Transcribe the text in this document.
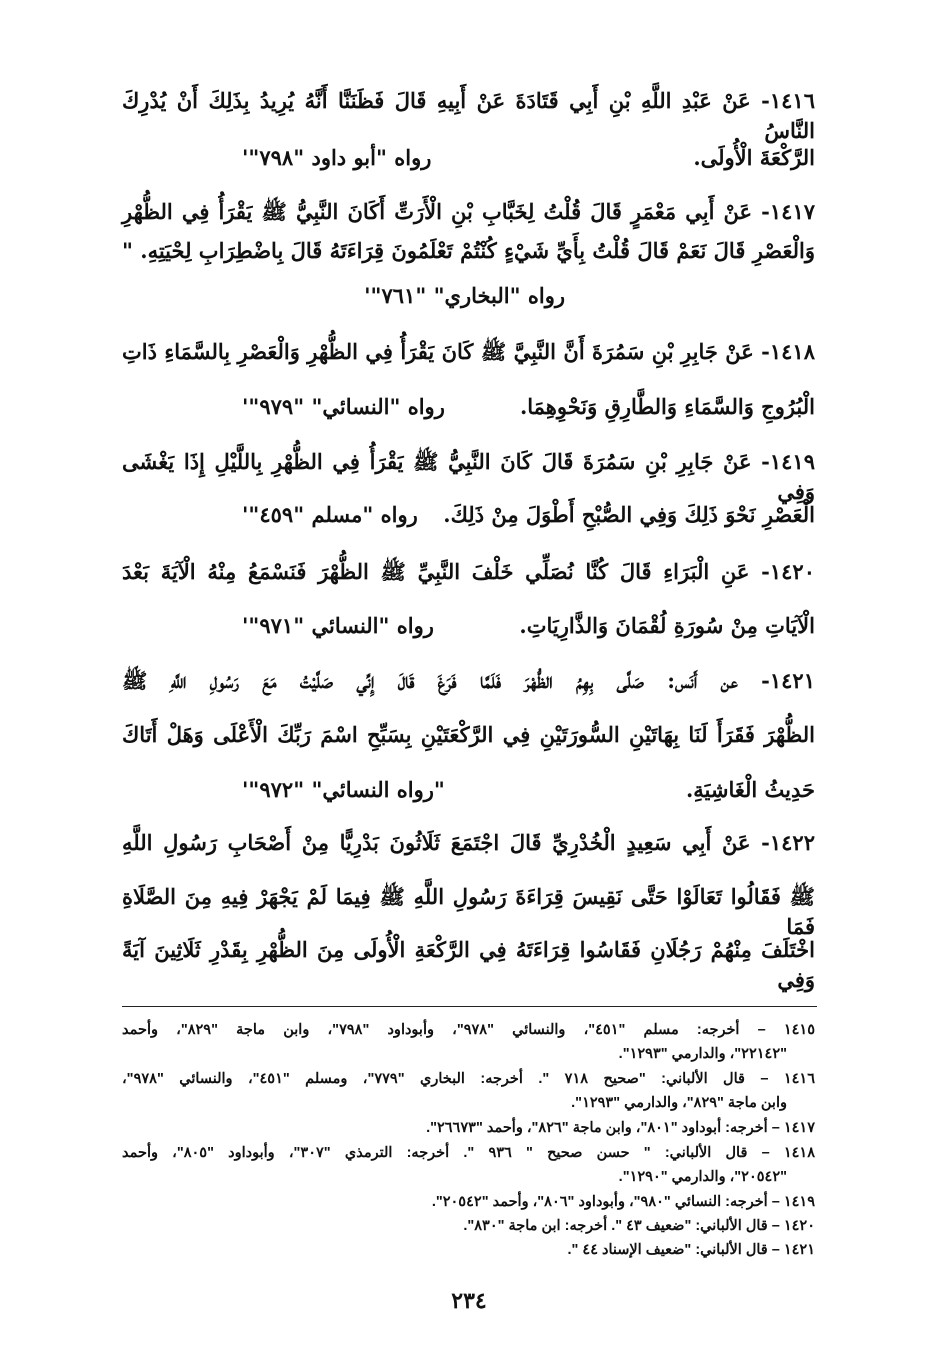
١٤١٦- عَنْ عَبْدِ اللَّهِ بْنِ أَبِي قَتَادَةَ عَنْ أَبِيهِ قَالَ فَظَنَنَّا أَنَّهُ يُرِيدُ بِذَلِكَ أَنْ يُدْرِكَ النَّاسُ
الرَّكْعَةَ الْأُولَى.
رواه "أبو داود "٧٩٨"'
١٤١٧- عَنْ أَبِي مَعْمَرٍ قَالَ قُلْتُ لِخَبَّابِ بْنِ الْأَرَتِّ أَكَانَ النَّبِيُّ ﷺ يَقْرَأُ فِي الظُّهْرِ
وَالْعَصْرِ قَالَ نَعَمْ قَالَ قُلْتُ بِأَيِّ شَيْءٍ كُنْتُمْ تَعْلَمُونَ قِرَاءَتَهُ قَالَ بِاضْطِرَابِ لِحْيَتِهِ. "
رواه "البخاري" "٧٦١"'
١٤١٨- عَنْ جَابِرِ بْنِ سَمُرَةَ أَنَّ النَّبِيَّ ﷺ كَانَ يَقْرَأُ فِي الظُّهْرِ وَالْعَصْرِ بِالسَّمَاءِ ذَاتِ
الْبُرُوجِ وَالسَّمَاءِ وَالطَّارِقِ وَنَحْوِهِمَا.
رواه "النسائي" "٩٧٩"'
١٤١٩- عَنْ جَابِرِ بْنِ سَمُرَةَ قَالَ كَانَ النَّبِيُّ ﷺ يَقْرَأُ فِي الظُّهْرِ بِاللَّيْلِ إِذَا يَغْشَى وَفِي
الْعَصْرِ نَحْوَ ذَلِكَ وَفِي الصُّبْحِ أَطْوَلَ مِنْ ذَلِكَ.
رواه "مسلم "٤٥٩"'
١٤٢٠- عَنِ الْبَرَاءِ قَالَ كُنَّا نُصَلِّي خَلْفَ النَّبِيِّ ﷺ الظُّهْرَ فَنَسْمَعُ مِنْهُ الْآيَةَ بَعْدَ
الْآيَاتِ مِنْ سُورَةِ لُقْمَانَ وَالذَّارِيَاتِ.
رواه "النسائي "٩٧١"'
١٤٢١- عن أَنَس: صَلَّى بِهِمُ الظُّهْرَ فَلَمَّا فَرَغَ قَالَ إِنِّي صَلَّيْتُ مَعَ رَسُولِ اللَّهِ ﷺ
الظُّهْرَ فَقَرَأَ لَنَا بِهَاتَيْنِ السُّورَتَيْنِ فِي الرَّكْعَتَيْنِ بِسَبِّحِ اسْمَ رَبِّكَ الْأَعْلَى وَهَلْ أَتَاكَ
حَدِيثُ الْغَاشِيَةِ.
"رواه النسائي" "٩٧٢"'
١٤٢٢- عَنْ أَبِي سَعِيدٍ الْخُدْرِيِّ قَالَ اجْتَمَعَ ثَلَاثُونَ بَدْرِيًّا مِنْ أَصْحَابِ رَسُولِ اللَّهِ
ﷺ فَقَالُوا تَعَالَوْا حَتَّى نَقِيسَ قِرَاءَةَ رَسُولِ اللَّهِ ﷺ فِيمَا لَمْ يَجْهَرْ فِيهِ مِنَ الصَّلَاةِ فَمَا
اخْتَلَفَ مِنْهُمْ رَجُلَانِ فَقَاسُوا قِرَاءَتَهُ فِي الرَّكْعَةِ الْأُولَى مِنَ الظُّهْرِ بِقَدْرِ ثَلَاثِينَ آيَةً وَفِي
١٤١٥ – أخرجه: مسلم "٤٥١"، والنسائي "٩٧٨"، وأبوداود "٧٩٨"، وابن ماجة "٨٢٩"، وأحمد
"٢٢١٤٢"، والدارمي "١٢٩٣".
١٤١٦ – قال الألباني: "صحيح ٧١٨ ". أخرجه: البخاري "٧٧٩"، ومسلم "٤٥١"، والنسائي "٩٧٨"،
وابن ماجة "٨٢٩"، والدارمي "١٢٩٣".
١٤١٧ – أخرجه: أبوداود "٨٠١"، وابن ماجة "٨٢٦"، وأحمد "٢٦٦٧٣".
١٤١٨ – قال الألباني: " حسن صحيح " ٩٣٦ ". أخرجه: الترمذي "٣٠٧"، وأبوداود "٨٠٥"، وأحمد
"٢٠٥٤٢"، والدارمي "١٢٩٠".
١٤١٩ – أخرجه: النسائي "٩٨٠"، وأبوداود "٨٠٦"، وأحمد "٢٠٥٤٢".
١٤٢٠ – قال الألباني: "ضعيف ٤٣ ". أخرجه: ابن ماجة "٨٣٠".
١٤٢١ – قال الألباني: "ضعيف الإسناد ٤٤ ".
٢٣٤
